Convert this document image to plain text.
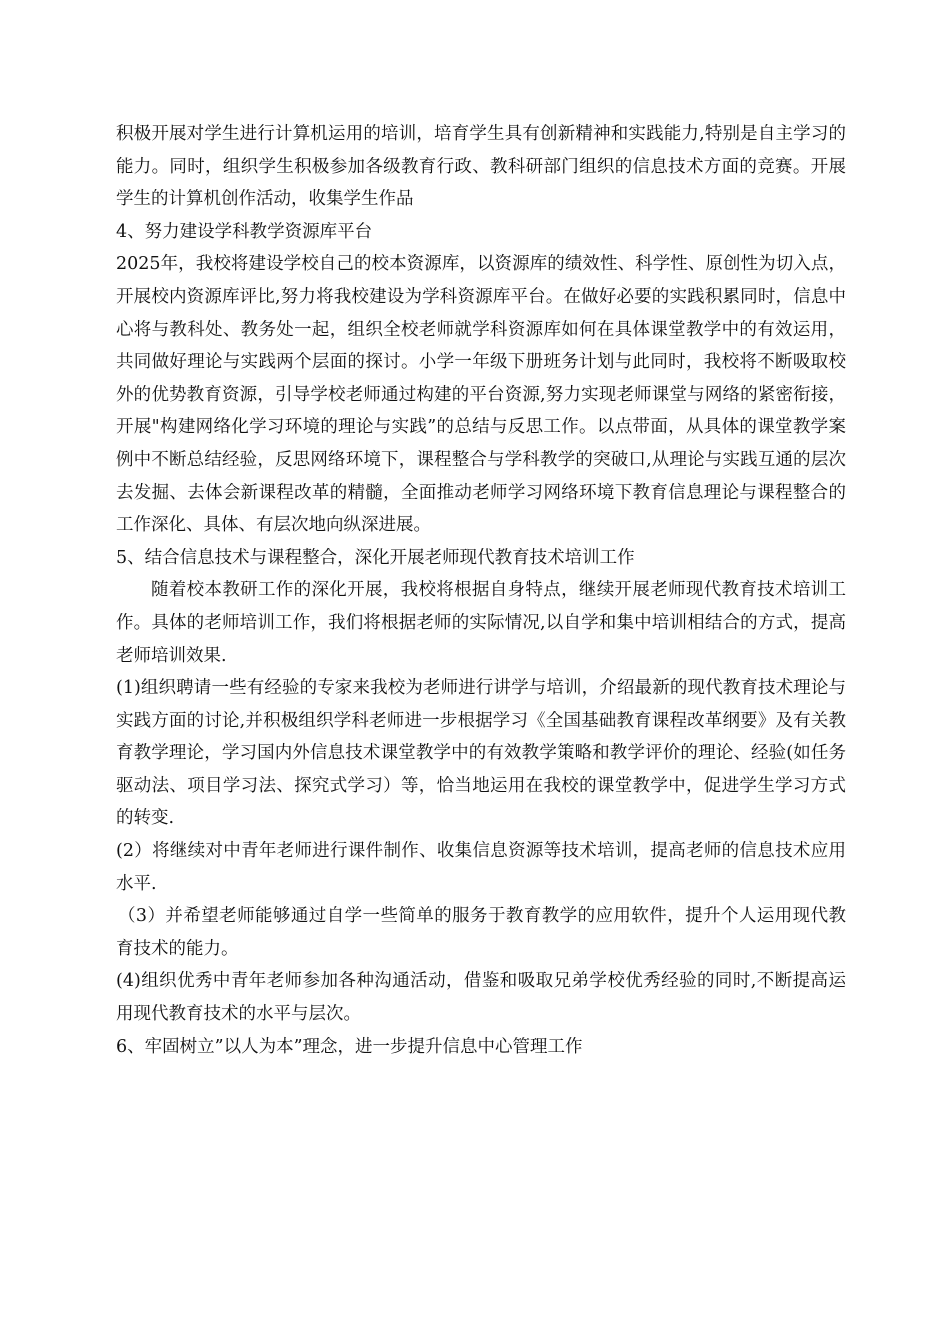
积极开展对学生进行计算机运用的培训，培育学生具有创新精神和实践能力,特别是自主学习的能力。同时，组织学生积极参加各级教育行政、教科研部门组织的信息技术方面的竞赛。开展学生的计算机创作活动，收集学生作品

4、努力建设学科教学资源库平台

2025年，我校将建设学校自己的校本资源库，以资源库的绩效性、科学性、原创性为切入点，开展校内资源库评比,努力将我校建设为学科资源库平台。在做好必要的实践积累同时，信息中心将与教科处、教务处一起，组织全校老师就学科资源库如何在具体课堂教学中的有效运用，共同做好理论与实践两个层面的探讨。小学一年级下册班务计划与此同时，我校将不断吸取校外的优势教育资源，引导学校老师通过构建的平台资源,努力实现老师课堂与网络的紧密衔接，开展"构建网络化学习环境的理论与实践”的总结与反思工作。以点带面，从具体的课堂教学案例中不断总结经验，反思网络环境下，课程整合与学科教学的突破口,从理论与实践互通的层次去发掘、去体会新课程改革的精髓，全面推动老师学习网络环境下教育信息理论与课程整合的工作深化、具体、有层次地向纵深进展。

5、结合信息技术与课程整合，深化开展老师现代教育技术培训工作

随着校本教研工作的深化开展，我校将根据自身特点，继续开展老师现代教育技术培训工作。具体的老师培训工作，我们将根据老师的实际情况,以自学和集中培训相结合的方式，提高老师培训效果.

(1)组织聘请一些有经验的专家来我校为老师进行讲学与培训，介绍最新的现代教育技术理论与实践方面的讨论,并积极组织学科老师进一步根据学习《全国基础教育课程改革纲要》及有关教育教学理论，学习国内外信息技术课堂教学中的有效教学策略和教学评价的理论、经验(如任务驱动法、项目学习法、探究式学习）等，恰当地运用在我校的课堂教学中，促进学生学习方式的转变.

(2）将继续对中青年老师进行课件制作、收集信息资源等技术培训，提高老师的信息技术应用水平.

（3）并希望老师能够通过自学一些简单的服务于教育教学的应用软件，提升个人运用现代教育技术的能力。

(4)组织优秀中青年老师参加各种沟通活动，借鉴和吸取兄弟学校优秀经验的同时,不断提高运用现代教育技术的水平与层次。

6、牢固树立”以人为本”理念，进一步提升信息中心管理工作
